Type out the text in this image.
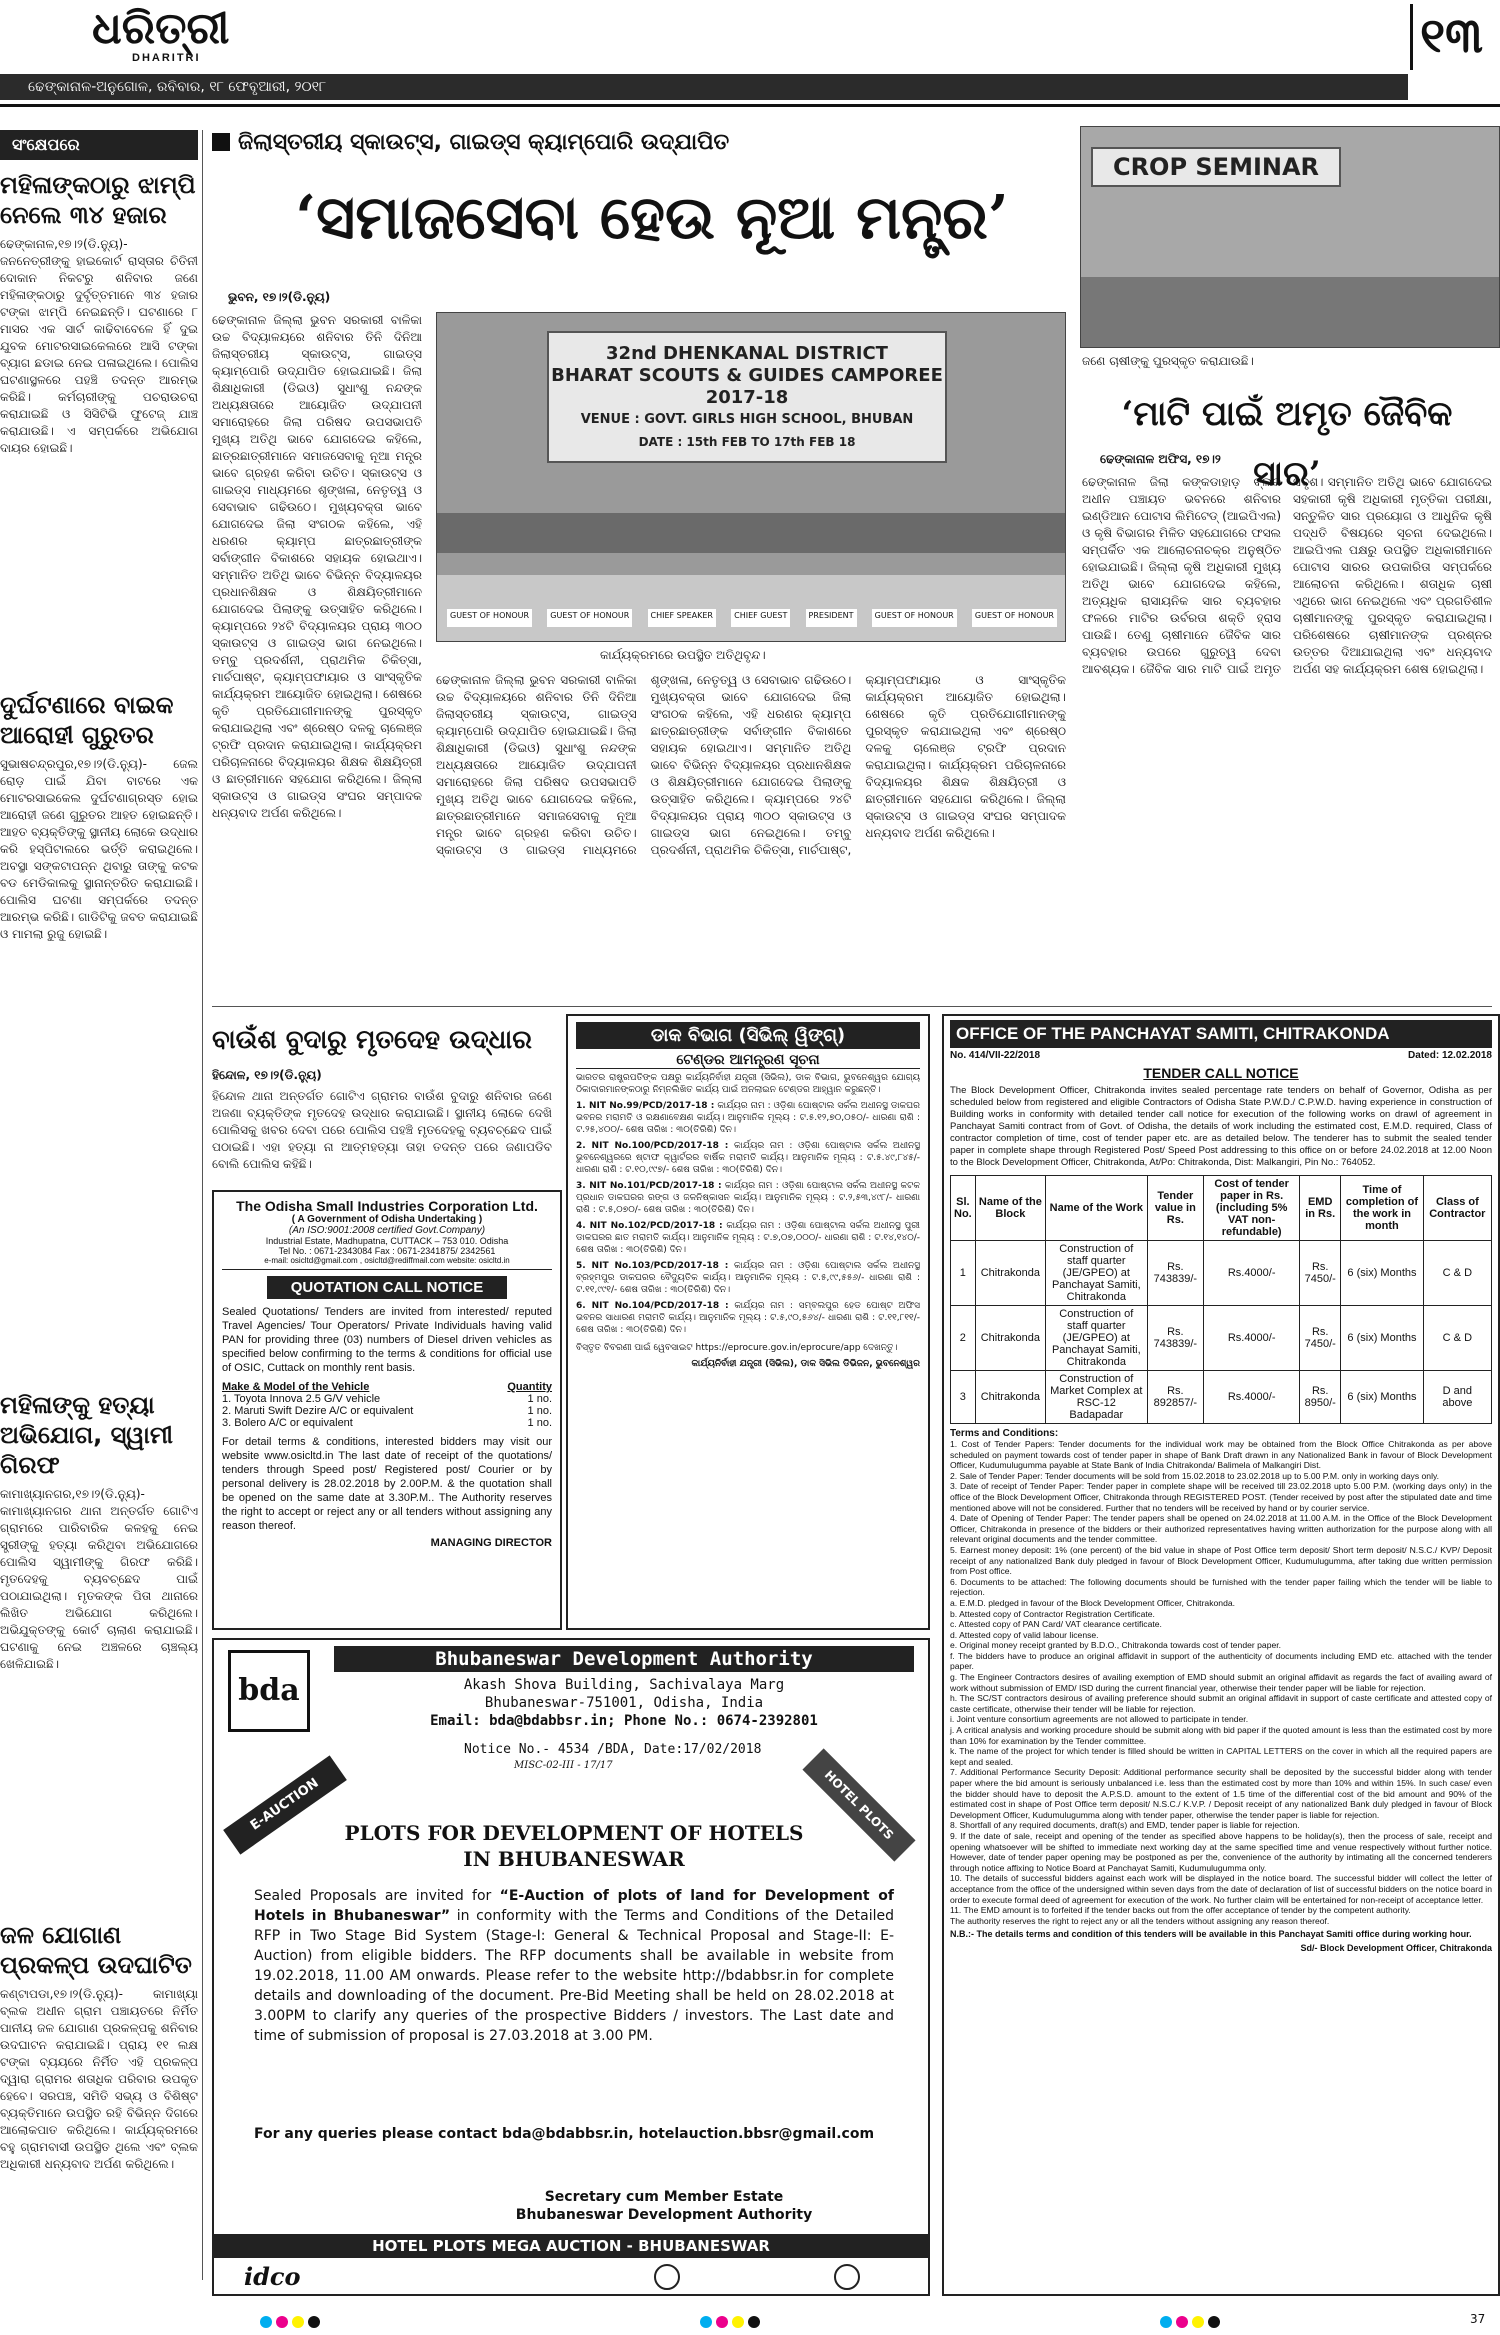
ଧରିତ୍ରୀ
DHARITRI	୧୩
ଢେଙ୍କାନାଳ-ଅନୁଗୋଳ, ରବିବାର, ୧୮ ଫେବୃଆରୀ, ୨୦୧୮
ସଂକ୍ଷେପରେ
ମହିଳାଙ୍କଠାରୁ ଝାମ୍ପି ନେଲେ ୩୪ ହଜାର
ଢେଙ୍କାନାଳ,୧୭।୨(ଡି.ନ୍ୟୁ)- ଜନନେତ୍ରୀଙ୍କୁ ହାଇକୋର୍ଟ ରାସ୍ତାର ଚିତିନୀ ଦୋକାନ ନିକଟରୁ ଶନିବାର ଜଣେ ମହିଳାଙ୍କଠାରୁ ଦୁର୍ବୃତ୍ତମାନେ ୩୪ ହଜାର ଟଙ୍କା ଝାମ୍ପି ନେଇଛନ୍ତି। ଘଟଣାରେ ୮ ମାସର ଏକ ସାର୍ଟ କାଢିବାବେଳେ ହିଁ ଦୁଇ ଯୁବକ ମୋଟରସାଇକେଲରେ ଆସି ଟଙ୍କା ବ୍ୟାଗ ଛଡାଇ ନେଇ ପଳାଇଥିଲେ। ପୋଲିସ ଘଟଣାସ୍ଥଳରେ ପହଞ୍ଚି ତଦନ୍ତ ଆରମ୍ଭ କରିଛି। କର୍ମଚାରୀଙ୍କୁ ପଚରାଉଚରା କରାଯାଇଛି ଓ ସିସିଟିଭି ଫୁଟେଜ୍ ଯାଞ୍ଚ କରାଯାଉଛି। ଏ ସମ୍ପର୍କରେ ଅଭିଯୋଗ ଦାୟର ହୋଇଛି।
ଦୁର୍ଘଟଣାରେ ବାଇକ ଆରୋହୀ ଗୁରୁତର
ସୁଭାଷଚନ୍ଦ୍ରପୁର,୧୭।୨(ଡି.ନ୍ୟୁ)- ଜେଲ ରୋଡ଼ ପାଇଁ ଯିବା ବାଟରେ ଏକ ମୋଟରସାଇକେଲ ଦୁର୍ଘଟଣାଗ୍ରସ୍ତ ହୋଇ ଆରୋହୀ ଜଣେ ଗୁରୁତର ଆହତ ହୋଇଛନ୍ତି। ଆହତ ବ୍ୟକ୍ତିଙ୍କୁ ସ୍ଥାନୀୟ ଲୋକେ ଉଦ୍ଧାର କରି ହସ୍ପିଟାଲରେ ଭର୍ତ୍ତି କରାଇଥିଲେ। ଅବସ୍ଥା ସଙ୍କଟାପନ୍ନ ଥିବାରୁ ତାଙ୍କୁ କଟକ ବଡ ମେଡିକାଲକୁ ସ୍ଥାନାନ୍ତରିତ କରାଯାଇଛି। ପୋଲିସ ଘଟଣା ସମ୍ପର୍କରେ ତଦନ୍ତ ଆରମ୍ଭ କରିଛି। ଗାଡିଟିକୁ ଜବତ କରାଯାଇଛି ଓ ମାମଲା ରୁଜୁ ହୋଇଛି।
ମହିଳାଙ୍କୁ ହତ୍ୟା ଅଭିଯୋଗ, ସ୍ୱାମୀ ଗିରଫ
କାମାଖ୍ୟାନଗର,୧୭।୨(ଡି.ନ୍ୟୁ)- କାମାଖ୍ୟାନଗର ଥାନା ଅନ୍ତର୍ଗତ ଗୋଟିଏ ଗ୍ରାମରେ ପାରିବାରିକ କଳହକୁ ନେଇ ସ୍ତ୍ରୀଙ୍କୁ ହତ୍ୟା କରିଥିବା ଅଭିଯୋଗରେ ପୋଲିସ ସ୍ୱାମୀଙ୍କୁ ଗିରଫ କରିଛି। ମୃତଦେହକୁ ବ୍ୟବଚ୍ଛେଦ ପାଇଁ ପଠାଯାଇଥିଲା। ମୃତକଙ୍କ ପିତା ଥାନାରେ ଲିଖିତ ଅଭିଯୋଗ କରିଥିଲେ। ଅଭିଯୁକ୍ତଙ୍କୁ କୋର୍ଟ ଚାଲାଣ କରାଯାଇଛି। ଘଟଣାକୁ ନେଇ ଅଞ୍ଚଳରେ ଚାଞ୍ଚଲ୍ୟ ଖେଳିଯାଇଛି।
ଜଳ ଯୋଗାଣ ପ୍ରକଳ୍ପ ଉଦଘାଟିତ
କଣ୍ଟାପଡା,୧୭।୨(ଡି.ନ୍ୟୁ)- କାମାଖ୍ୟା ବ୍ଲକ ଅଧୀନ ଗ୍ରାମ ପଞ୍ଚାୟତରେ ନିର୍ମିତ ପାନୀୟ ଜଳ ଯୋଗାଣ ପ୍ରକଳ୍ପକୁ ଶନିବାର ଉଦଘାଟନ କରାଯାଇଛି। ପ୍ରାୟ ୧୧ ଲକ୍ଷ ଟଙ୍କା ବ୍ୟୟରେ ନିର୍ମିତ ଏହି ପ୍ରକଳ୍ପ ଦ୍ୱାରା ଗ୍ରାମର ଶତାଧିକ ପରିବାର ଉପକୃତ ହେବେ। ସରପଞ୍ଚ, ସମିତି ସଭ୍ୟ ଓ ବିଶିଷ୍ଟ ବ୍ୟକ୍ତିମାନେ ଉପସ୍ଥିତ ରହି ବିଭିନ୍ନ ଦିଗରେ ଆଲୋକପାତ କରିଥିଲେ। କାର୍ଯ୍ୟକ୍ରମରେ ବହୁ ଗ୍ରାମବାସୀ ଉପସ୍ଥିତ ଥିଲେ ଏବଂ ବ୍ଲକ ଅଧିକାରୀ ଧନ୍ୟବାଦ ଅର୍ପଣ କରିଥିଲେ।
ଜିଲାସ୍ତରୀୟ ସ୍କାଉଟ୍ସ, ଗାଇଡ୍ସ କ୍ୟାମ୍ପୋରି ଉଦ୍ଯାପିତ
‘ସମାଜସେବା ହେଉ ନୂଆ ମନ୍ତ୍ର’
ଭୁବନ, ୧୭।୨(ଡି.ନ୍ୟୁ)
ଢେଙ୍କାନାଳ ଜିଲ୍ଲା ଭୁବନ ସରକାରୀ ବାଳିକା ଉଚ୍ଚ ବିଦ୍ୟାଳୟରେ ଶନିବାର ତିନି ଦିନିଆ ଜିଲାସ୍ତରୀୟ ସ୍କାଉଟ୍ସ, ଗାଇଡ୍ସ କ୍ୟାମ୍ପୋରି ଉଦ୍ଯାପିତ ହୋଇଯାଇଛି। ଜିଲା ଶିକ୍ଷାଧିକାରୀ (ଡିଇଓ) ସୁଧାଂଶୁ ନନ୍ଦଙ୍କ ଅଧ୍ୟକ୍ଷତାରେ ଆୟୋଜିତ ଉଦ୍ଯାପନୀ ସମାରୋହରେ ଜିଲା ପରିଷଦ ଉପସଭାପତି ମୁଖ୍ୟ ଅତିଥି ଭାବେ ଯୋଗଦେଇ କହିଲେ, ଛାତ୍ରଛାତ୍ରୀମାନେ ସମାଜସେବାକୁ ନୂଆ ମନ୍ତ୍ର ଭାବେ ଗ୍ରହଣ କରିବା ଉଚିତ। ସ୍କାଉଟ୍ସ ଓ ଗାଇଡ୍ସ ମାଧ୍ୟମରେ ଶୃଙ୍ଖଳା, ନେତୃତ୍ୱ ଓ ସେବାଭାବ ଗଢିଉଠେ। ମୁଖ୍ୟବକ୍ତା ଭାବେ ଯୋଗଦେଇ ଜିଲା ସଂଗଠକ କହିଲେ, ଏହି ଧରଣର କ୍ୟାମ୍ପ ଛାତ୍ରଛାତ୍ରୀଙ୍କ ସର୍ବାଙ୍ଗୀନ ବିକାଶରେ ସହାୟକ ହୋଇଥାଏ। ସମ୍ମାନିତ ଅତିଥି ଭାବେ ବିଭିନ୍ନ ବିଦ୍ୟାଳୟର ପ୍ରଧାନଶିକ୍ଷକ ଓ ଶିକ୍ଷୟିତ୍ରୀମାନେ ଯୋଗଦେଇ ପିଲାଙ୍କୁ ଉତ୍ସାହିତ କରିଥିଲେ। କ୍ୟାମ୍ପରେ ୨୪ଟି ବିଦ୍ୟାଳୟର ପ୍ରାୟ ୩୦୦ ସ୍କାଉଟ୍ସ ଓ ଗାଇଡ୍ସ ଭାଗ ନେଇଥିଲେ। ତମ୍ବୁ ପ୍ରଦର୍ଶନୀ, ପ୍ରାଥମିକ ଚିକିତ୍ସା, ମାର୍ଚପାଷ୍ଟ, କ୍ୟାମ୍ପଫାୟାର ଓ ସାଂସ୍କୃତିକ କାର୍ଯ୍ୟକ୍ରମ ଆୟୋଜିତ ହୋଇଥିଲା। ଶେଷରେ କୃତି ପ୍ରତିଯୋଗୀମାନଙ୍କୁ ପୁରସ୍କୃତ କରାଯାଇଥିଲା ଏବଂ ଶ୍ରେଷ୍ଠ ଦଳକୁ ଚାଲେଞ୍ଜ ଟ୍ରଫି ପ୍ରଦାନ କରାଯାଇଥିଲା। କାର୍ଯ୍ୟକ୍ରମ ପରିଚାଳନାରେ ବିଦ୍ୟାଳୟର ଶିକ୍ଷକ ଶିକ୍ଷୟିତ୍ରୀ ଓ ଛାତ୍ରୀମାନେ ସହଯୋଗ କରିଥିଲେ। ଜିଲ୍ଲା ସ୍କାଉଟ୍ସ ଓ ଗାଇଡ୍ସ ସଂଘର ସମ୍ପାଦକ ଧନ୍ୟବାଦ ଅର୍ପଣ କରିଥିଲେ।
32nd DHENKANAL DISTRICT
BHARAT SCOUTS & GUIDES CAMPOREE
2017-18
VENUE : GOVT. GIRLS HIGH SCHOOL, BHUBAN
DATE : 15th FEB TO 17th FEB 18
GUEST OF HONOUR	GUEST OF HONOUR	CHIEF SPEAKER	CHIEF GUEST	PRESIDENT	GUEST OF HONOUR	GUEST OF HONOUR
କାର୍ଯ୍ୟକ୍ରମରେ ଉପସ୍ଥିତ ଅତିଥିବୃନ୍ଦ।
ଢେଙ୍କାନାଳ ଜିଲ୍ଲା ଭୁବନ ସରକାରୀ ବାଳିକା ଉଚ୍ଚ ବିଦ୍ୟାଳୟରେ ଶନିବାର ତିନି ଦିନିଆ ଜିଲାସ୍ତରୀୟ ସ୍କାଉଟ୍ସ, ଗାଇଡ୍ସ କ୍ୟାମ୍ପୋରି ଉଦ୍ଯାପିତ ହୋଇଯାଇଛି। ଜିଲା ଶିକ୍ଷାଧିକାରୀ (ଡିଇଓ) ସୁଧାଂଶୁ ନନ୍ଦଙ୍କ ଅଧ୍ୟକ୍ଷତାରେ ଆୟୋଜିତ ଉଦ୍ଯାପନୀ ସମାରୋହରେ ଜିଲା ପରିଷଦ ଉପସଭାପତି ମୁଖ୍ୟ ଅତିଥି ଭାବେ ଯୋଗଦେଇ କହିଲେ, ଛାତ୍ରଛାତ୍ରୀମାନେ ସମାଜସେବାକୁ ନୂଆ ମନ୍ତ୍ର ଭାବେ ଗ୍ରହଣ କରିବା ଉଚିତ। ସ୍କାଉଟ୍ସ ଓ ଗାଇଡ୍ସ ମାଧ୍ୟମରେ ଶୃଙ୍ଖଳା, ନେତୃତ୍ୱ ଓ ସେବାଭାବ ଗଢିଉଠେ। ମୁଖ୍ୟବକ୍ତା ଭାବେ ଯୋଗଦେଇ ଜିଲା ସଂଗଠକ କହିଲେ, ଏହି ଧରଣର କ୍ୟାମ୍ପ ଛାତ୍ରଛାତ୍ରୀଙ୍କ ସର୍ବାଙ୍ଗୀନ ବିକାଶରେ ସହାୟକ ହୋଇଥାଏ। ସମ୍ମାନିତ ଅତିଥି ଭାବେ ବିଭିନ୍ନ ବିଦ୍ୟାଳୟର ପ୍ରଧାନଶିକ୍ଷକ ଓ ଶିକ୍ଷୟିତ୍ରୀମାନେ ଯୋଗଦେଇ ପିଲାଙ୍କୁ ଉତ୍ସାହିତ କରିଥିଲେ। କ୍ୟାମ୍ପରେ ୨୪ଟି ବିଦ୍ୟାଳୟର ପ୍ରାୟ ୩୦୦ ସ୍କାଉଟ୍ସ ଓ ଗାଇଡ୍ସ ଭାଗ ନେଇଥିଲେ। ତମ୍ବୁ ପ୍ରଦର୍ଶନୀ, ପ୍ରାଥମିକ ଚିକିତ୍ସା, ମାର୍ଚପାଷ୍ଟ, କ୍ୟାମ୍ପଫାୟାର ଓ ସାଂସ୍କୃତିକ କାର୍ଯ୍ୟକ୍ରମ ଆୟୋଜିତ ହୋଇଥିଲା। ଶେଷରେ କୃତି ପ୍ରତିଯୋଗୀମାନଙ୍କୁ ପୁରସ୍କୃତ କରାଯାଇଥିଲା ଏବଂ ଶ୍ରେଷ୍ଠ ଦଳକୁ ଚାଲେଞ୍ଜ ଟ୍ରଫି ପ୍ରଦାନ କରାଯାଇଥିଲା। କାର୍ଯ୍ୟକ୍ରମ ପରିଚାଳନାରେ ବିଦ୍ୟାଳୟର ଶିକ୍ଷକ ଶିକ୍ଷୟିତ୍ରୀ ଓ ଛାତ୍ରୀମାନେ ସହଯୋଗ କରିଥିଲେ। ଜିଲ୍ଲା ସ୍କାଉଟ୍ସ ଓ ଗାଇଡ୍ସ ସଂଘର ସମ୍ପାଦକ ଧନ୍ୟବାଦ ଅର୍ପଣ କରିଥିଲେ।
CROP SEMINAR
ଜଣେ ଚାଷୀଙ୍କୁ ପୁରସ୍କୃତ କରାଯାଉଛି।
‘ମାଟି ପାଇଁ ଅମୃତ ଜୈବିକ ସାର’
ଢେଙ୍କାନାଳ ଅଫିସ, ୧୭।୨
ଢେଙ୍କାନାଳ ଜିଲା କଙ୍କଡାହାଡ଼ ବ୍ଲକ ଅଧୀନ ପଞ୍ଚାୟତ ଭବନରେ ଶନିବାର ଇଣ୍ଡିଆନ ପୋଟାସ ଲିମିଟେଡ୍ (ଆଇପିଏଲ) ଓ କୃଷି ବିଭାଗର ମିଳିତ ସହଯୋଗରେ ଫସଲ ସମ୍ପର୍କିତ ଏକ ଆଲୋଚନାଚକ୍ର ଅନୁଷ୍ଠିତ ହୋଇଯାଇଛି। ଜିଲ୍ଲା କୃଷି ଅଧିକାରୀ ମୁଖ୍ୟ ଅତିଥି ଭାବେ ଯୋଗଦେଇ କହିଲେ, ଅତ୍ୟଧିକ ରାସାୟନିକ ସାର ବ୍ୟବହାର ଫଳରେ ମାଟିର ଉର୍ବରତା ଶକ୍ତି ହ୍ରାସ ପାଉଛି। ତେଣୁ ଚାଷୀମାନେ ଜୈବିକ ସାର ବ୍ୟବହାର ଉପରେ ଗୁରୁତ୍ୱ ଦେବା ଆବଶ୍ୟକ। ଜୈବିକ ସାର ମାଟି ପାଇଁ ଅମୃତ ସଦୃଶ। ସମ୍ମାନିତ ଅତିଥି ଭାବେ ଯୋଗଦେଇ ସହକାରୀ କୃଷି ଅଧିକାରୀ ମୃତ୍ତିକା ପରୀକ୍ଷା, ସନ୍ତୁଳିତ ସାର ପ୍ରୟୋଗ ଓ ଆଧୁନିକ କୃଷି ପଦ୍ଧତି ବିଷୟରେ ସୂଚନା ଦେଇଥିଲେ। ଆଇପିଏଲ ପକ୍ଷରୁ ଉପସ୍ଥିତ ଅଧିକାରୀମାନେ ପୋଟାସ ସାରର ଉପକାରିତା ସମ୍ପର୍କରେ ଆଲୋଚନା କରିଥିଲେ। ଶତାଧିକ ଚାଷୀ ଏଥିରେ ଭାଗ ନେଇଥିଲେ ଏବଂ ପ୍ରଗତିଶୀଳ ଚାଷୀମାନଙ୍କୁ ପୁରସ୍କୃତ କରାଯାଇଥିଲା। ପରିଶେଷରେ ଚାଷୀମାନଙ୍କ ପ୍ରଶ୍ନର ଉତ୍ତର ଦିଆଯାଇଥିଲା ଏବଂ ଧନ୍ୟବାଦ ଅର୍ପଣ ସହ କାର୍ଯ୍ୟକ୍ରମ ଶେଷ ହୋଇଥିଲା।
ବାଉଁଶ ବୁଦାରୁ ମୃତଦେହ ଉଦ୍ଧାର
ହିନ୍ଦୋଳ, ୧୭।୨(ଡି.ନ୍ୟୁ)
ହିନ୍ଦୋଳ ଥାନା ଅନ୍ତର୍ଗତ ଗୋଟିଏ ଗ୍ରାମର ବାଉଁଶ ବୁଦାରୁ ଶନିବାର ଜଣେ ଅଜଣା ବ୍ୟକ୍ତିଙ୍କ ମୃତଦେହ ଉଦ୍ଧାର କରାଯାଇଛି। ସ୍ଥାନୀୟ ଲୋକେ ଦେଖି ପୋଲିସକୁ ଖବର ଦେବା ପରେ ପୋଲିସ ପହଞ୍ଚି ମୃତଦେହକୁ ବ୍ୟବଚ୍ଛେଦ ପାଇଁ ପଠାଇଛି। ଏହା ହତ୍ୟା ନା ଆତ୍ମହତ୍ୟା ତାହା ତଦନ୍ତ ପରେ ଜଣାପଡିବ ବୋଲି ପୋଲିସ କହିଛି।
The Odisha Small Industries Corporation Ltd.
( A Government of Odisha Undertaking )
(An ISO:9001:2008 certified Govt.Company)
Industrial Estate, Madhupatna, CUTTACK – 753 010. Odisha
Tel No. : 0671-2343084 Fax : 0671-2341875/ 2342561
e-mail: osicltd@gmail.com , osicltd@rediffmail.com website: osicltd.in
QUOTATION CALL NOTICE
Sealed Quotations/ Tenders are invited from interested/ reputed Travel Agencies/ Tour Operators/ Private Individuals having valid PAN for providing three (03) numbers of Diesel driven vehicles as specified below confirming to the terms & conditions for official use of OSIC, Cuttack on monthly rent basis.
Make & Model of the Vehicle	Quantity
1. Toyota Innova 2.5 G/V vehicle	1 no.
2. Maruti Swift Dezire A/C or equivalent	1 no.
3. Bolero A/C or equivalent	1 no.
For detail terms & conditions, interested bidders may visit our website www.osicltd.in The last date of receipt of the quotations/ tenders through Speed post/ Registered post/ Courier or by personal delivery is 28.02.2018 by 2.00P.M. & the quotation shall be opened on the same date at 3.30P.M.. The Authority reserves the right to accept or reject any or all tenders without assigning any reason thereof.
MANAGING DIRECTOR
ଡାକ ବିଭାଗ (ସିଭିଲ୍ ୱିଙ୍ଗ୍)
ଟେଣ୍ଡର ଆମନ୍ତ୍ରଣ ସୂଚନା
ଭାରତର ରାଷ୍ଟ୍ରପତିଙ୍କ ପକ୍ଷରୁ କାର୍ଯ୍ୟନିର୍ବାହୀ ଯନ୍ତ୍ରୀ (ସିଭିଲ), ଡାକ ବିଭାଗ, ଭୁବନେଶ୍ୱର ଯୋଗ୍ୟ ଠିକାଦାରମାନଙ୍କଠାରୁ ନିମ୍ନଲିଖିତ କାର୍ଯ୍ୟ ପାଇଁ ଅନଲାଇନ ଟେଣ୍ଡର ଆହ୍ୱାନ କରୁଛନ୍ତି।
1. NIT No.99/PCD/2017-18 : କାର୍ଯ୍ୟର ନାମ : ଓଡ଼ିଶା ପୋଷ୍ଟାଲ ସର୍କଲ ଅଧୀନସ୍ଥ ଡାକଘର ଭବନର ମରାମତି ଓ ରକ୍ଷଣାବେକ୍ଷଣ କାର୍ଯ୍ୟ। ଆନୁମାନିକ ମୂଲ୍ୟ : ଟ.୫.୧୨,୭୦,୦୫୦/- ଧାରଣା ରାଶି : ଟ.୨୫,୪୦୦/- ଶେଷ ତାରିଖ : ୩୦(ତିରିଶି) ଦିନ।
2. NIT No.100/PCD/2017-18 : କାର୍ଯ୍ୟର ନାମ : ଓଡ଼ିଶା ପୋଷ୍ଟାଲ ସର୍କଲ ଅଧୀନସ୍ଥ ଭୁବନେଶ୍ୱରରେ ଷ୍ଟାଫ କ୍ୱାର୍ଟରର ବାର୍ଷିକ ମରାମତି କାର୍ଯ୍ୟ। ଆନୁମାନିକ ମୂଲ୍ୟ : ଟ.୫.୪୯,୮୪୫/- ଧାରଣା ରାଶି : ଟ.୧୦,୯୯୭/- ଶେଷ ତାରିଖ : ୩୦(ତିରିଶି) ଦିନ।
3. NIT No.101/PCD/2017-18 : କାର୍ଯ୍ୟର ନାମ : ଓଡ଼ିଶା ପୋଷ୍ଟାଲ ସର୍କଲ ଅଧୀନସ୍ଥ କଟକ ପ୍ରଧାନ ଡାକଘରର ରଙ୍ଗ ଓ ଜଳନିଷ୍କାସନ କାର୍ଯ୍ୟ। ଆନୁମାନିକ ମୂଲ୍ୟ : ଟ.୨,୫୩,୪୯୮/- ଧାରଣା ରାଶି : ଟ.୫,୦୭୦/- ଶେଷ ତାରିଖ : ୩୦(ତିରିଶି) ଦିନ।
4. NIT No.102/PCD/2017-18 : କାର୍ଯ୍ୟର ନାମ : ଓଡ଼ିଶା ପୋଷ୍ଟାଲ ସର୍କଲ ଅଧୀନସ୍ଥ ପୁରୀ ଡାକଘରର ଛାତ ମରାମତି କାର୍ଯ୍ୟ। ଆନୁମାନିକ ମୂଲ୍ୟ : ଟ.୭,୦୭,୦୦୦/- ଧାରଣା ରାଶି : ଟ.୧୪,୧୪୦/- ଶେଷ ତାରିଖ : ୩୦(ତିରିଶି) ଦିନ।
5. NIT No.103/PCD/2017-18 : କାର୍ଯ୍ୟର ନାମ : ଓଡ଼ିଶା ପୋଷ୍ଟାଲ ସର୍କଲ ଅଧୀନସ୍ଥ ବ୍ରହ୍ମପୁର ଡାକଘରର ବୈଦ୍ୟୁତିକ କାର୍ଯ୍ୟ। ଆନୁମାନିକ ମୂଲ୍ୟ : ଟ.୫,୯୯,୫୫୬/- ଧାରଣା ରାଶି : ଟ.୧୧,୯୯୧/- ଶେଷ ତାରିଖ : ୩୦(ତିରିଶି) ଦିନ।
6. NIT No.104/PCD/2017-18 : କାର୍ଯ୍ୟର ନାମ : ସମ୍ବଲପୁର ହେଡ ପୋଷ୍ଟ ଅଫିସ ଭବନର ସାଧାରଣ ମରାମତି କାର୍ଯ୍ୟ। ଆନୁମାନିକ ମୂଲ୍ୟ : ଟ.୫,୯୦,୫୬୪/- ଧାରଣା ରାଶି : ଟ.୧୧,୮୧୧/- ଶେଷ ତାରିଖ : ୩୦(ତିରିଶି) ଦିନ।
ବିସ୍ତୃତ ବିବରଣୀ ପାଇଁ ୱେବସାଇଟ https://eprocure.gov.in/eprocure/app ଦେଖନ୍ତୁ।
କାର୍ଯ୍ୟନିର୍ବାହୀ ଯନ୍ତ୍ରୀ (ସିଭିଲ), ଡାକ ସିଭିଲ ଡିଭିଜନ, ଭୁବନେଶ୍ୱର
bda
Bhubaneswar Development Authority
Akash Shova Building, Sachivalaya Marg
Bhubaneswar-751001, Odisha, India
Email: bda@bdabbsr.in; Phone No.: 0674-2392801
Notice No.- 4534 /BDA, Date:17/02/2018
MISC-02-III - 17/17
E-AUCTION	HOTEL PLOTS
PLOTS FOR DEVELOPMENT OF HOTELS
IN BHUBANESWAR
Sealed Proposals are invited for “E-Auction of plots of land for Development of Hotels in Bhubaneswar” in conformity with the Terms and Conditions of the Detailed RFP in Two Stage Bid System (Stage-I: General & Technical Proposal and Stage-II: E-Auction) from eligible bidders. The RFP documents shall be available in website from 19.02.2018, 11.00 AM onwards. Please refer to the website http://bdabbsr.in for complete details and downloading of the document. Pre-Bid Meeting shall be held on 28.02.2018 at 3.00PM to clarify any queries of the prospective Bidders / investors. The Last date and time of submission of proposal is 27.03.2018 at 3.00 PM.
For any queries please contact bda@bdabbsr.in, hotelauction.bbsr@gmail.com
Secretary cum Member Estate
Bhubaneswar Development Authority
HOTEL PLOTS MEGA AUCTION - BHUBANESWAR
idco
OFFICE OF THE PANCHAYAT SAMITI, CHITRAKONDA
No. 414/VII-22/2018	Dated: 12.02.2018
TENDER CALL NOTICE
The Block Development Officer, Chitrakonda invites sealed percentage rate tenders on behalf of Governor, Odisha as per scheduled below from registered and eligible Contractors of Odisha State P.W.D./ C.P.W.D. having experience in construction of Building works in conformity with detailed tender call notice for execution of the following works on drawl of agreement in Panchayat Samiti contract from of Govt. of Odisha, the details of work including the estimated cost, E.M.D. required, Class of contractor completion of time, cost of tender paper etc. are as detailed below. The tenderer has to submit the sealed tender paper in complete shape through Registered Post/ Speed Post addressing to this office on or before 24.02.2018 at 12.00 Noon to the Block Development Officer, Chitrakonda, At/Po: Chitrakonda, Dist: Malkangiri, Pin No.: 764052.
Sl. No.	Name of the Block	Name of the Work	Tender value in Rs.	Cost of tender paper in Rs. (including 5% VAT non-refundable)	EMD in Rs.	Time of completion of the work in month	Class of Contractor
1	Chitrakonda	Construction of staff quarter (JE/GPEO) at Panchayat Samiti, Chitrakonda	Rs. 743839/-	Rs.4000/-	Rs. 7450/-	6 (six) Months	C & D
2	Chitrakonda	Construction of staff quarter (JE/GPEO) at Panchayat Samiti, Chitrakonda	Rs. 743839/-	Rs.4000/-	Rs. 7450/-	6 (six) Months	C & D
3	Chitrakonda	Construction of Market Complex at RSC-12 Badapadar	Rs. 892857/-	Rs.4000/-	Rs. 8950/-	6 (six) Months	D and above
Terms and Conditions:
1. Cost of Tender Papers: Tender documents for the individual work may be obtained from the Block Office Chitrakonda as per above scheduled on payment towards cost of tender paper in shape of Bank Draft drawn in any Nationalized Bank in favour of Block Development Officer, Kudumulugumma payable at State Bank of India Chitrakonda/ Balimela of Malkangiri Dist.
2. Sale of Tender Paper: Tender documents will be sold from 15.02.2018 to 23.02.2018 up to 5.00 P.M. only in working days only.
3. Date of receipt of Tender Paper: Tender paper in complete shape will be received till 23.02.2018 upto 5.00 P.M. (working days only) in the office of the Block Development Officer, Chitrakonda through REGISTERED POST. (Tender received by post after the stipulated date and time mentioned above will not be considered. Further that no tenders will be received by hand or by courier service.
4. Date of Opening of Tender Paper: The tender papers shall be opened on 24.02.2018 at 11.00 A.M. in the Office of the Block Development Officer, Chitrakonda in presence of the bidders or their authorized representatives having written authorization for the purpose along with all relevant original documents and the tender committee.
5. Earnest money deposit: 1% (one percent) of the bid value in shape of Post Office term deposit/ Short term deposit/ N.S.C./ KVP/ Deposit receipt of any nationalized Bank duly pledged in favour of Block Development Officer, Kudumulugumma, after taking due written permission from Post office.
6. Documents to be attached: The following documents should be furnished with the tender paper failing which the tender will be liable to rejection.
a. E.M.D. pledged in favour of the Block Development Officer, Chitrakonda.
b. Attested copy of Contractor Registration Certificate.
c. Attested copy of PAN Card/ VAT clearance certificate.
d. Attested copy of valid labour license.
e. Original money receipt granted by B.D.O., Chitrakonda towards cost of tender paper.
f. The bidders have to produce an original affidavit in support of the authenticity of documents including EMD etc. attached with the tender paper.
g. The Engineer Contractors desires of availing exemption of EMD should submit an original affidavit as regards the fact of availing award of work without submission of EMD/ ISD during the current financial year, otherwise their tender paper will be liable for rejection.
h. The SC/ST contractors desirous of availing preference should submit an original affidavit in support of caste certificate and attested copy of caste certificate, otherwise their tender will be liable for rejection.
i. Joint venture consortium agreements are not allowed to participate in tender.
j. A critical analysis and working procedure should be submit along with bid paper if the quoted amount is less than the estimated cost by more than 10% for examination by the Tender committee.
k. The name of the project for which tender is filled should be written in CAPITAL LETTERS on the cover in which all the required papers are kept and sealed.
7. Additional Performance Security Deposit: Additional performance security shall be deposited by the successful bidder along with tender paper where the bid amount is seriously unbalanced i.e. less than the estimated cost by more than 10% and within 15%. In such case/ even the bidder should have to deposit the A.P.S.D. amount to the extent of 1.5 time of the differential cost of the bid amount and 90% of the estimated cost in shape of Post Office term deposit/ N.S.C./ K.V.P. / Deposit receipt of any nationalized Bank duly pledged in favour of Block Development Officer, Kudumulugumma along with tender paper, otherwise the tender paper is liable for rejection.
8. Shortfall of any required documents, draft(s) and EMD, tender paper is liable for rejection.
9. If the date of sale, receipt and opening of the tender as specified above happens to be holiday(s), then the process of sale, receipt and opening whatsoever will be shifted to immediate next working day at the same specified time and venue respectively without further notice. However, date of tender paper opening may be postponed as per the, convenience of the authority by intimating all the concerned tenderers through notice affixing to Notice Board at Panchayat Samiti, Kudumulugumma only.
10. The details of successful bidders against each work will be displayed in the notice board. The successful bidder will collect the letter of acceptance from the office of the undersigned within seven days from the date of declaration of list of successful bidders on the notice board in order to execute formal deed of agreement for execution of the work. No further claim will be entertained for non-receipt of acceptance letter.
11. The EMD amount is to forfeited if the tender backs out from the offer acceptance of tender by the competent authority.
The authority reserves the right to reject any or all the tenders without assigning any reason thereof.
N.B.:- The details terms and condition of this tenders will be available in this Panchayat Samiti office during working hour.
Sd/- Block Development Officer, Chitrakonda
37
